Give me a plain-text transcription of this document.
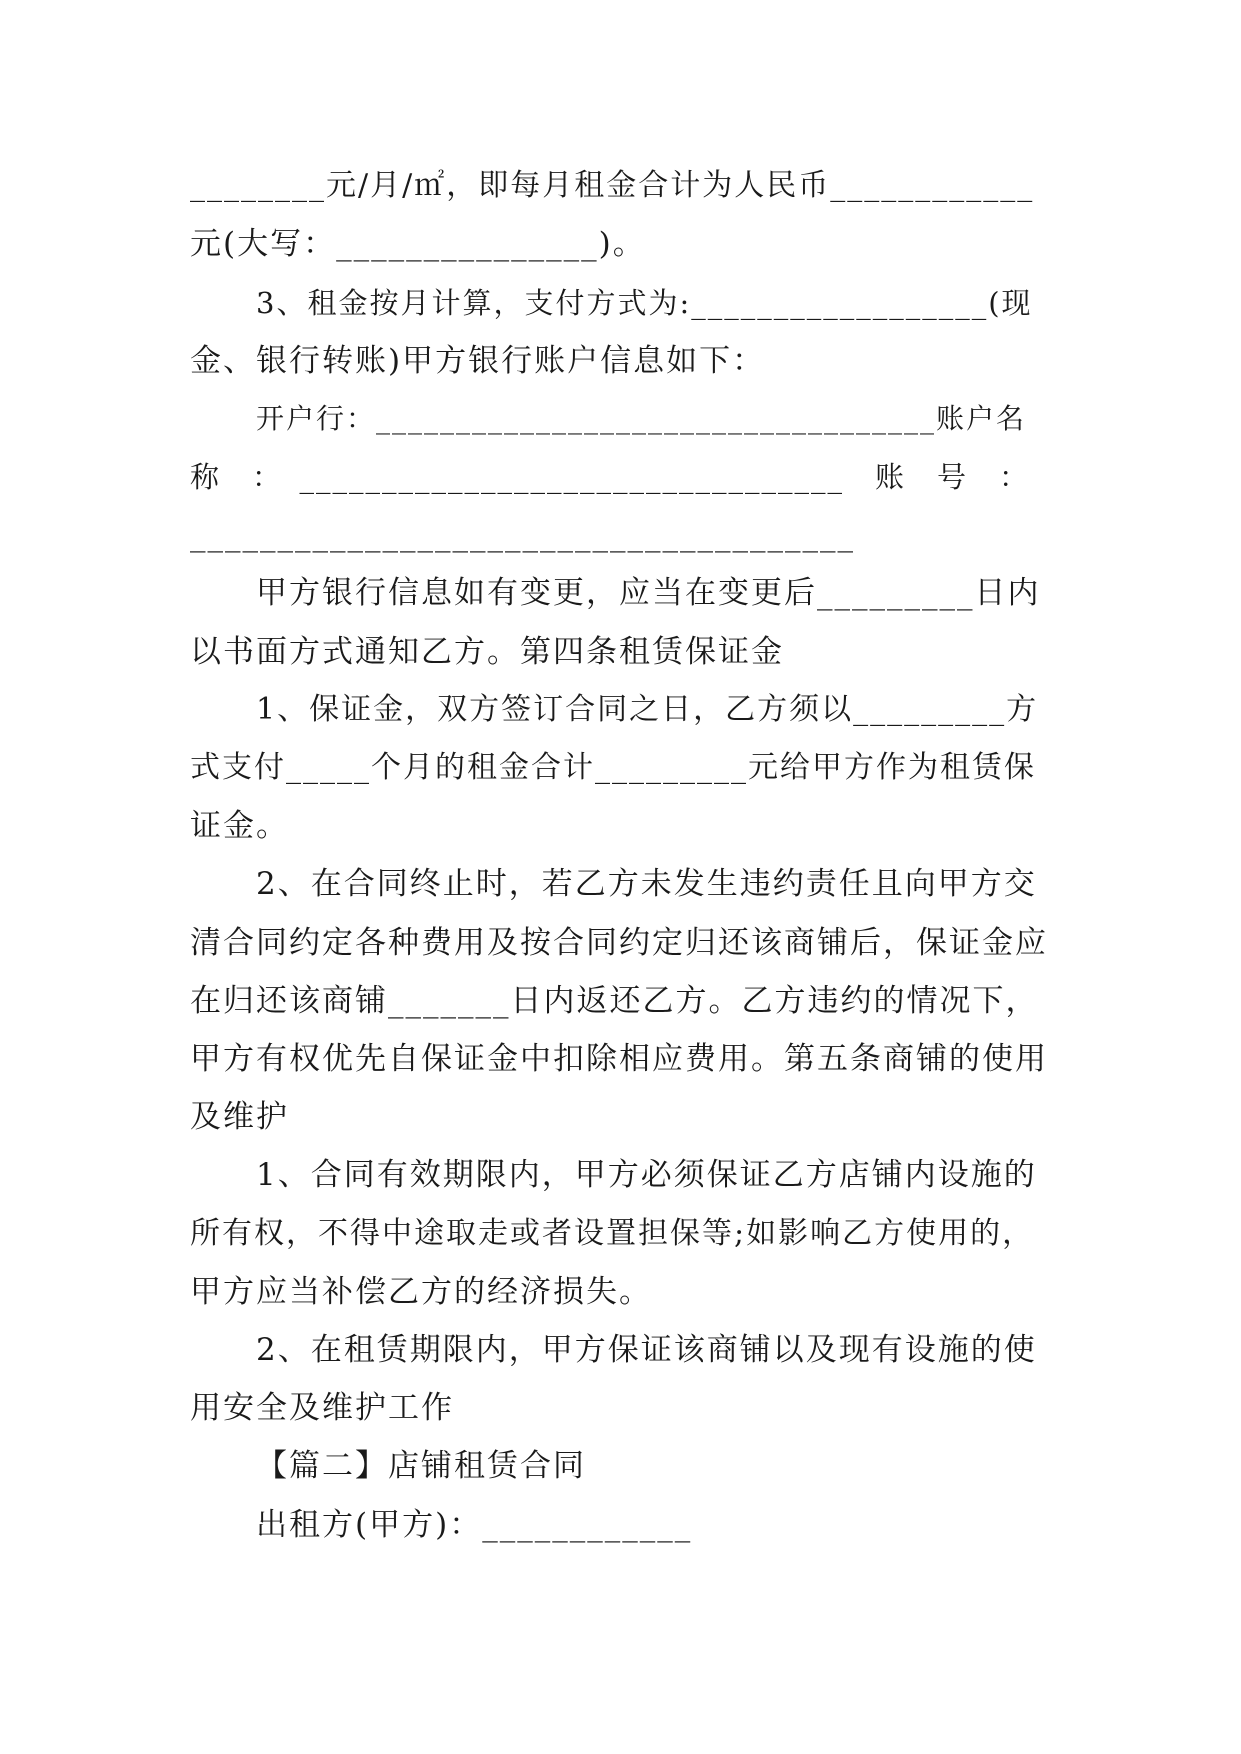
________元/月/㎡，即每月租金合计为人民币____________
元(大写：_______________)。
3、租金按月计算，支付方式为:__________________(现
金、银行转账)甲方银行账户信息如下：
开户行：___________________________________账户名
称　：　_________________________________　账　号　：
______________________________________
甲方银行信息如有变更，应当在变更后_________日内
以书面方式通知乙方。第四条租赁保证金
1、保证金，双方签订合同之日，乙方须以_________方
式支付_____个月的租金合计_________元给甲方作为租赁保
证金。
2、在合同终止时，若乙方未发生违约责任且向甲方交
清合同约定各种费用及按合同约定归还该商铺后，保证金应
在归还该商铺_______日内返还乙方。乙方违约的情况下，
甲方有权优先自保证金中扣除相应费用。第五条商铺的使用
及维护
1、合同有效期限内，甲方必须保证乙方店铺内设施的
所有权，不得中途取走或者设置担保等;如影响乙方使用的，
甲方应当补偿乙方的经济损失。
2、在租赁期限内，甲方保证该商铺以及现有设施的使
用安全及维护工作
【篇二】店铺租赁合同
出租方(甲方)：____________
